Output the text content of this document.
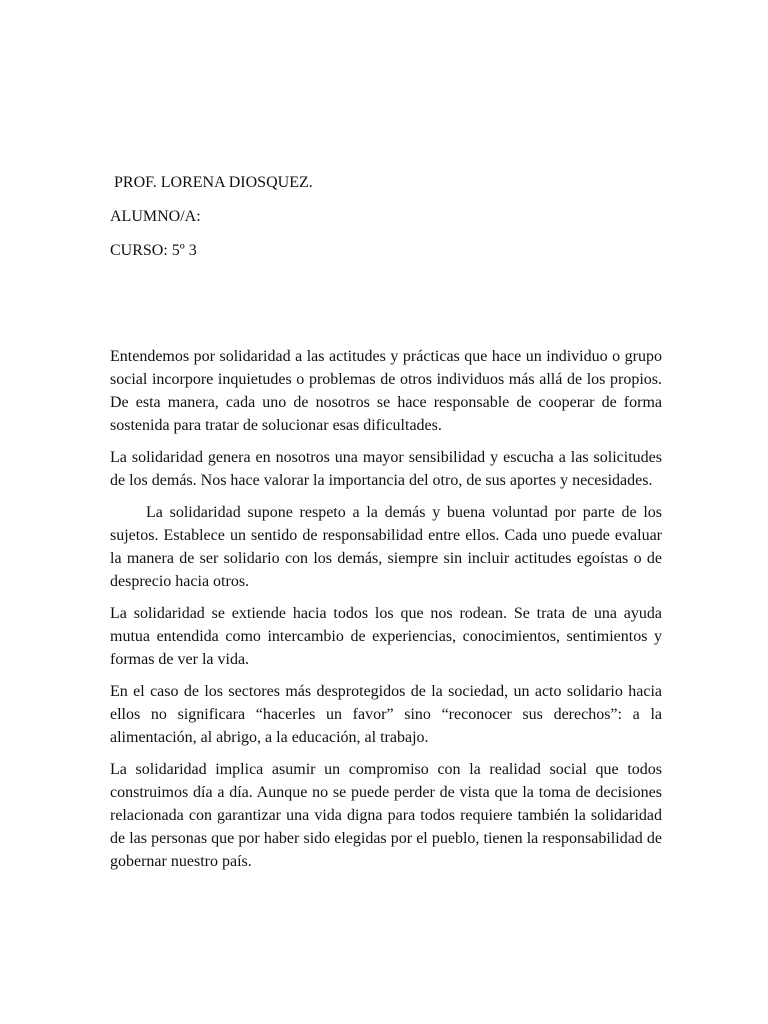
PROF. LORENA DIOSQUEZ.

ALUMNO/A:

CURSO: 5º 3

Entendemos por solidaridad a las actitudes y prácticas que hace un individuo o grupo social incorpore inquietudes o problemas de otros individuos más allá de los propios. De esta manera, cada uno de nosotros se hace responsable de cooperar de forma sostenida para tratar de solucionar esas dificultades.

La solidaridad genera en nosotros una mayor sensibilidad y escucha a las solicitudes de los demás. Nos hace valorar la importancia del otro, de sus aportes y necesidades.

La solidaridad supone respeto a la demás y buena voluntad por parte de los sujetos. Establece un sentido de responsabilidad entre ellos. Cada uno puede evaluar la manera de ser solidario con los demás, siempre sin incluir actitudes egoístas o de desprecio hacia otros.

La solidaridad se extiende hacia todos los que nos rodean. Se trata de una ayuda mutua entendida como intercambio de experiencias, conocimientos, sentimientos y formas de ver la vida.

En el caso de los sectores más desprotegidos de la sociedad, un acto solidario hacia ellos no significara “hacerles un favor” sino “reconocer sus derechos”: a la alimentación, al abrigo, a la educación, al trabajo.

La solidaridad implica asumir un compromiso con la realidad social que todos construimos día a día. Aunque no se puede perder de vista que la toma de decisiones relacionada con garantizar una vida digna para todos requiere también la solidaridad de las personas que por haber sido elegidas por el pueblo, tienen la responsabilidad de gobernar nuestro país.
